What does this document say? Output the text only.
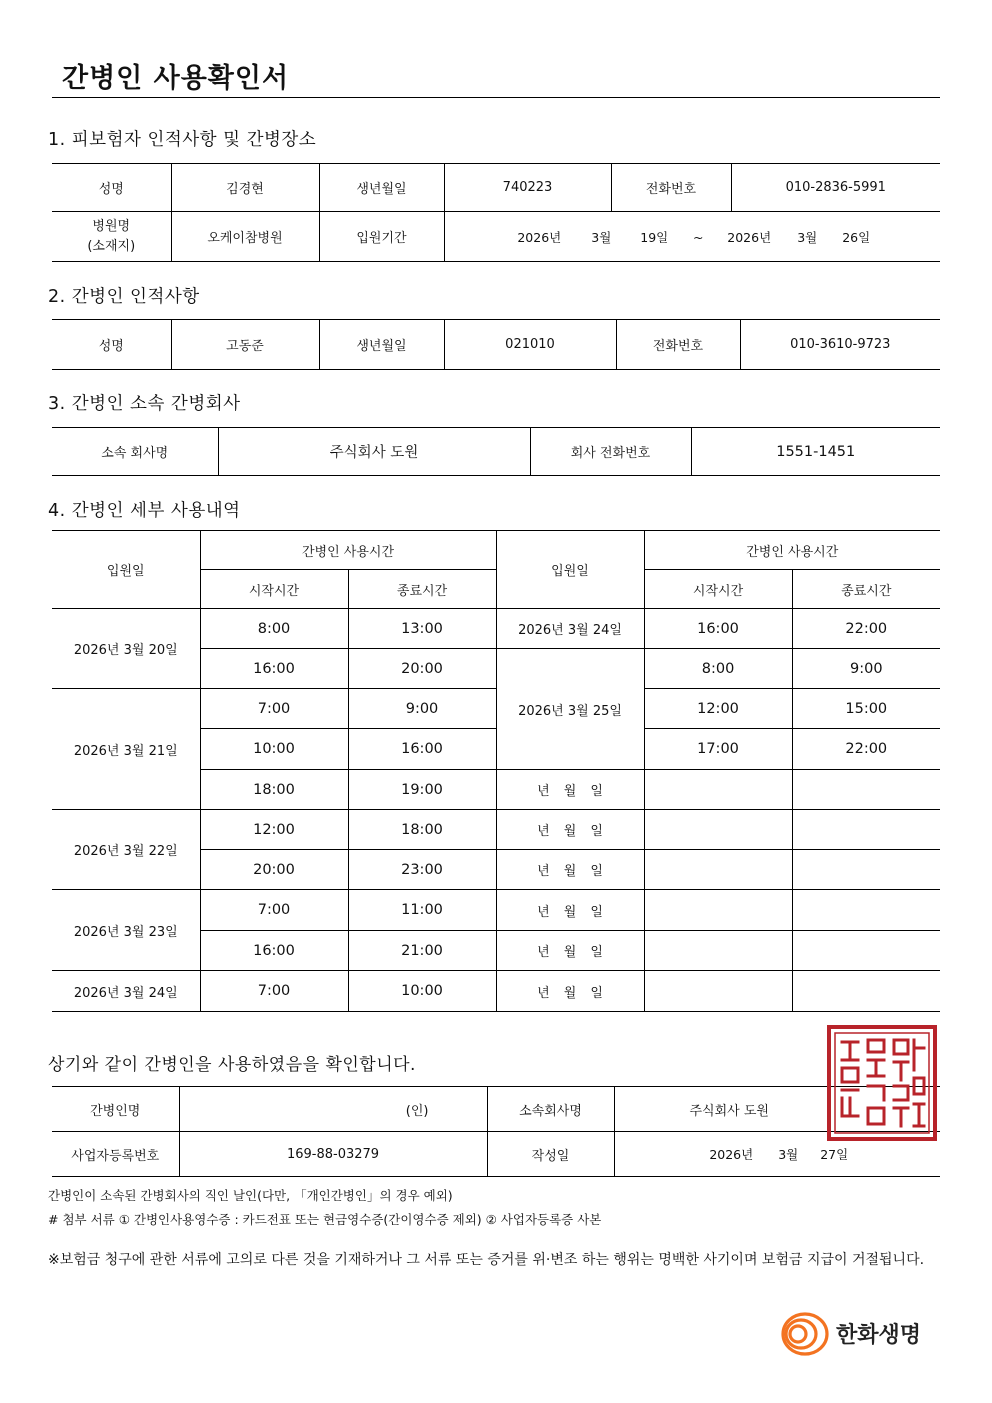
간병인 사용확인서
1. 피보험자 인적사항 및 간병장소
성명	김경현	생년월일	740223	전화번호	010-2836-5991

병원명
(소재지)	오케이참병원	입원기간	2026년 3월 19일 ~ 2026년 3월 26일		
2. 간병인 인적사항
성명	고동준	생년월일	021010	전화번호	010-3610-9723
3. 간병인 소속 간병회사
소속 회사명	주식회사 도원	회사 전화번호	1551-1451
4. 간병인 세부 사용내역
입원일	간병인 사용시간		입원일	간병인 사용시간	
	시작시간	종료시간		시작시간	종료시간
2026년 3월 20일	8:00	13:00	2026년 3월 24일	16:00	22:00
	16:00	20:00	2026년 3월 25일	8:00	9:00
2026년 3월 21일	7:00	9:00		12:00	15:00
	10:00	16:00		17:00	22:00
	18:00	19:00	년 월 일		

2026년 3월 22일	12:00	18:00	년 월 일		

	20:00	23:00	년 월 일		

2026년 3월 23일	7:00	11:00	년 월 일		

	16:00	21:00	년 월 일		

2026년 3월 24일	7:00	10:00	년 월 일		

상기와 같이 간병인을 사용하였음을 확인합니다.
간병인명	(인)	소속회사명	주식회사 도원
사업자등록번호	169-88-03279	작성일	2026년 3월 27일
간병인이 소속된 간병회사의 직인 날인(다만, 「개인간병인」의 경우 예외)
# 첨부 서류 ① 간병인사용영수증 : 카드전표 또는 현금영수증(간이영수증 제외) ② 사업자등록증 사본
※보험금 청구에 관한 서류에 고의로 다른 것을 기재하거나 그 서류 또는 증거를 위·변조 하는 행위는 명백한 사기이며 보험금 지급이 거절됩니다.
한화생명
